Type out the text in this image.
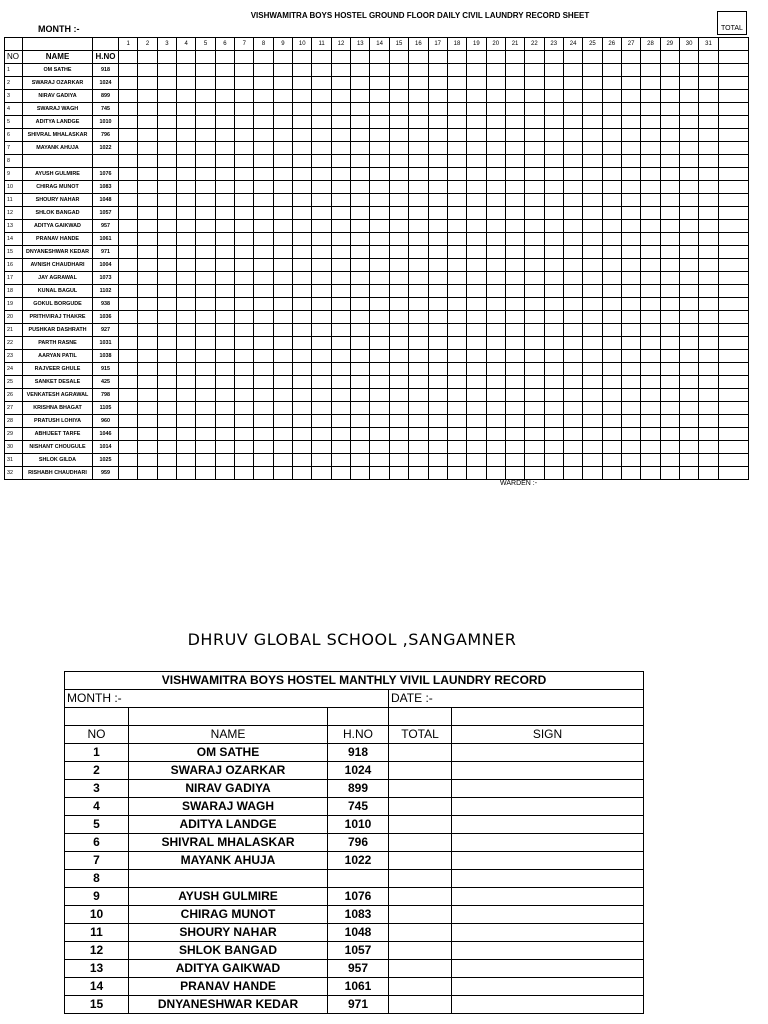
MONTH :-
VISHWAMITRA BOYS HOSTEL GROUND FLOOR DAILY CIVIL LAUNDRY RECORD SHEET
TOTAL
			1	2	3	4	5	6	7	8	9	10	11	12	13	14	15	16	17	18	19	20	21	22	23	24	25	26	27	28	29	30	31	
NO	NAME	H.NO																																
1	OM SATHE	918																																
2	SWARAJ OZARKAR	1024																																
3	NIRAV GADIYA	899																																
4	SWARAJ WAGH	745																																
5	ADITYA LANDGE	1010																																
6	SHIVRAL MHALASKAR	796																																
7	MAYANK AHUJA	1022																																
8																																		
9	AYUSH GULMIRE	1076																																
10	CHIRAG MUNOT	1083																																
11	SHOURY NAHAR	1048																																
12	SHLOK BANGAD	1057																																
13	ADITYA GAIKWAD	957																																
14	PRANAV HANDE	1061																																
15	DNYANESHWAR KEDAR	971																																
16	AVNISH CHAUDHARI	1004																																
17	JAY AGRAWAL	1073																																
18	KUNAL BAGUL	1102																																
19	GOKUL BORGUDE	938																																
20	PRITHVIRAJ THAKRE	1036																																
21	PUSHKAR DASHRATH	927																																
22	PARTH RASNE	1031																																
23	AARYAN PATIL	1038																																
24	RAJVEER GHULE	915																																
25	SANKET DESALE	425																																
26	VENKATESH AGRAWAL	798																																
27	KRISHNA BHAGAT	1105																																
28	PRATUSH LOHIYA	960																																
29	ABHIJEET TARFE	1046																																
30	NISHANT CHOUGULE	1014																																
31	SHLOK GILDA	1025																																
32	RISHABH CHAUDHARI	959																																
WARDEN :-
DHRUV GLOBAL SCHOOL ,SANGAMNER
VISHWAMITRA BOYS HOSTEL MANTHLY VIVIL LAUNDRY RECORD				
MONTH :-			DATE :-	

NO	NAME	H.NO	TOTAL	SIGN
1	OM SATHE	918		
2	SWARAJ OZARKAR	1024		
3	NIRAV GADIYA	899		
4	SWARAJ WAGH	745		
5	ADITYA LANDGE	1010		
6	SHIVRAL MHALASKAR	796		
7	MAYANK AHUJA	1022		
8				
9	AYUSH GULMIRE	1076		
10	CHIRAG MUNOT	1083		
11	SHOURY NAHAR	1048		
12	SHLOK BANGAD	1057		
13	ADITYA GAIKWAD	957		
14	PRANAV HANDE	1061		
15	DNYANESHWAR KEDAR	971		
